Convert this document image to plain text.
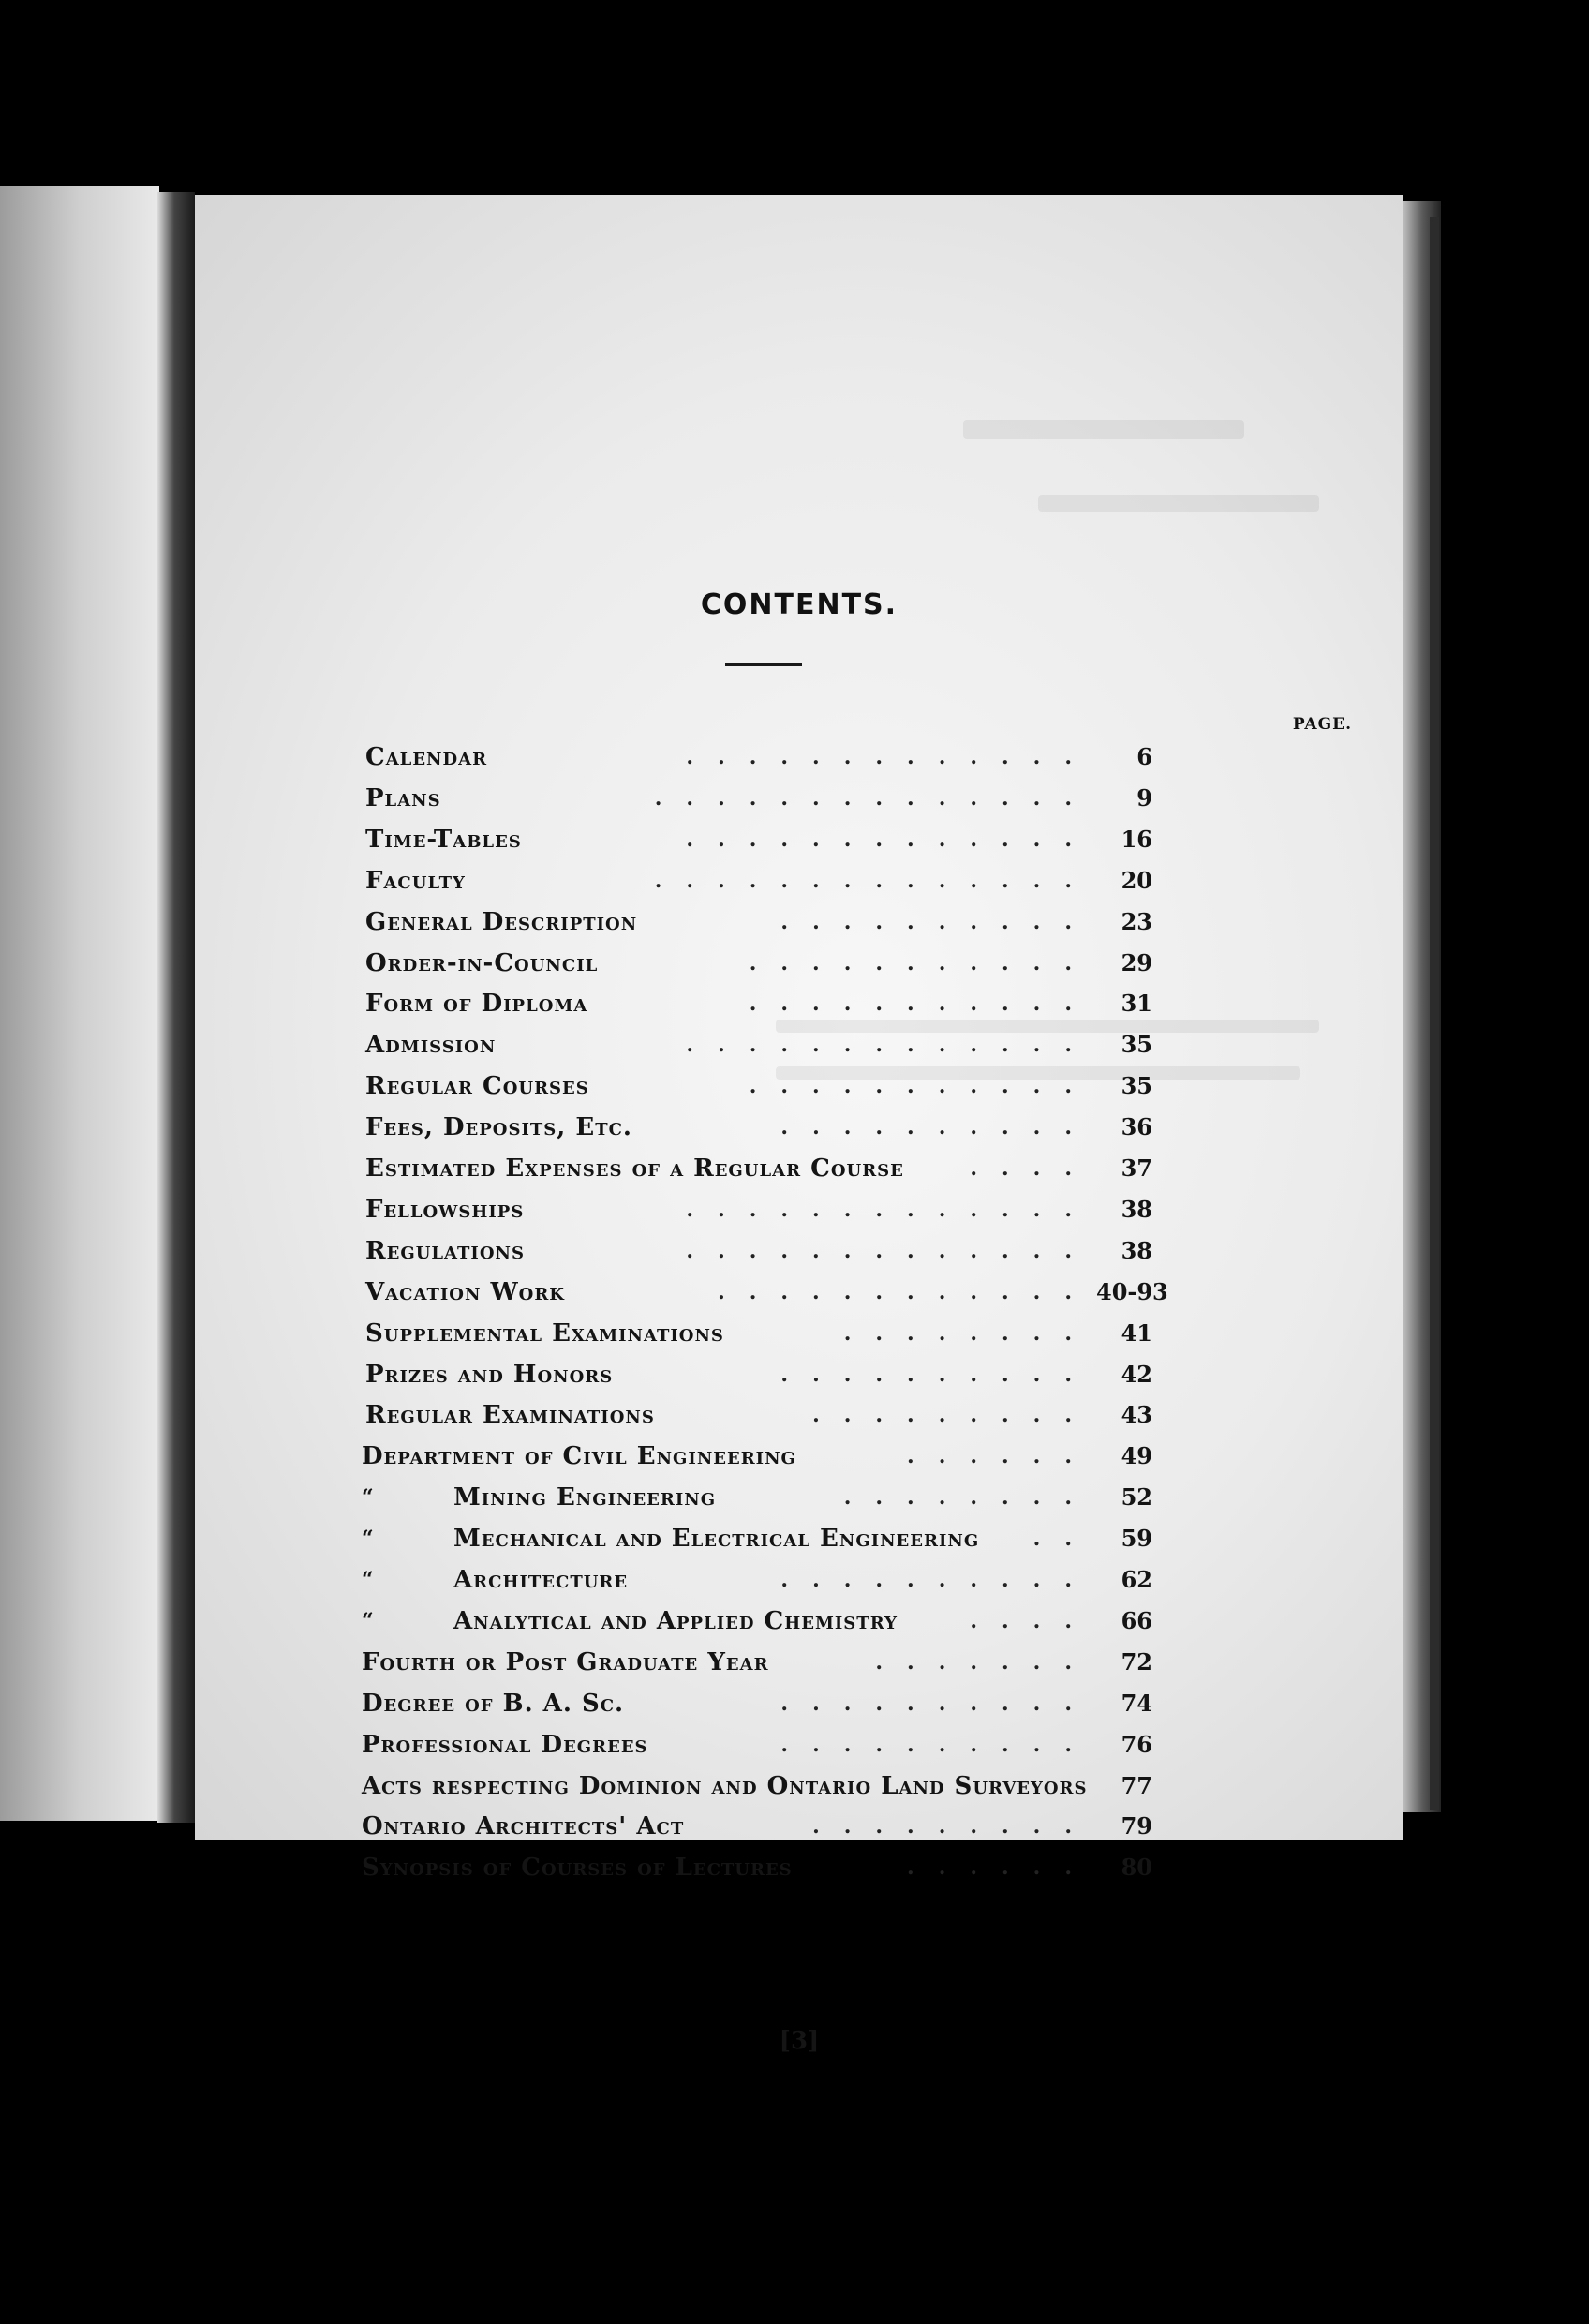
CONTENTS.
PAGE.
Calendar	.............	6
Plans	..............	9
Time-Tables	.............	16
Faculty	..............	20
General Description	..........	23
Order-in-Council	...........	29
Form of Diploma	...........	31
Admission	.............	35
Regular Courses	...........	35
Fees, Deposits, Etc.	..........	36
Estimated Expenses of a Regular Course	....	37
Fellowships	.............	38
Regulations	.............	38
Vacation Work	............ 40-93
Supplemental Examinations	........	41
Prizes and Honors	..........	42
Regular Examinations	.........	43
Department of Civil Engineering	......	49
“	Mining Engineering	........	52
“	Mechanical and Electrical Engineering	..	59
“	Architecture	..........	62
“	Analytical and Applied Chemistry	....	66
Fourth or Post Graduate Year	.......	72
Degree of B. A. Sc.	..........	74
Professional Degrees	..........	76
Acts respecting Dominion and Ontario Land Surveyors	77
Ontario Architects' Act	.........	79
Synopsis of Courses of Lectures	......	80
[3]
